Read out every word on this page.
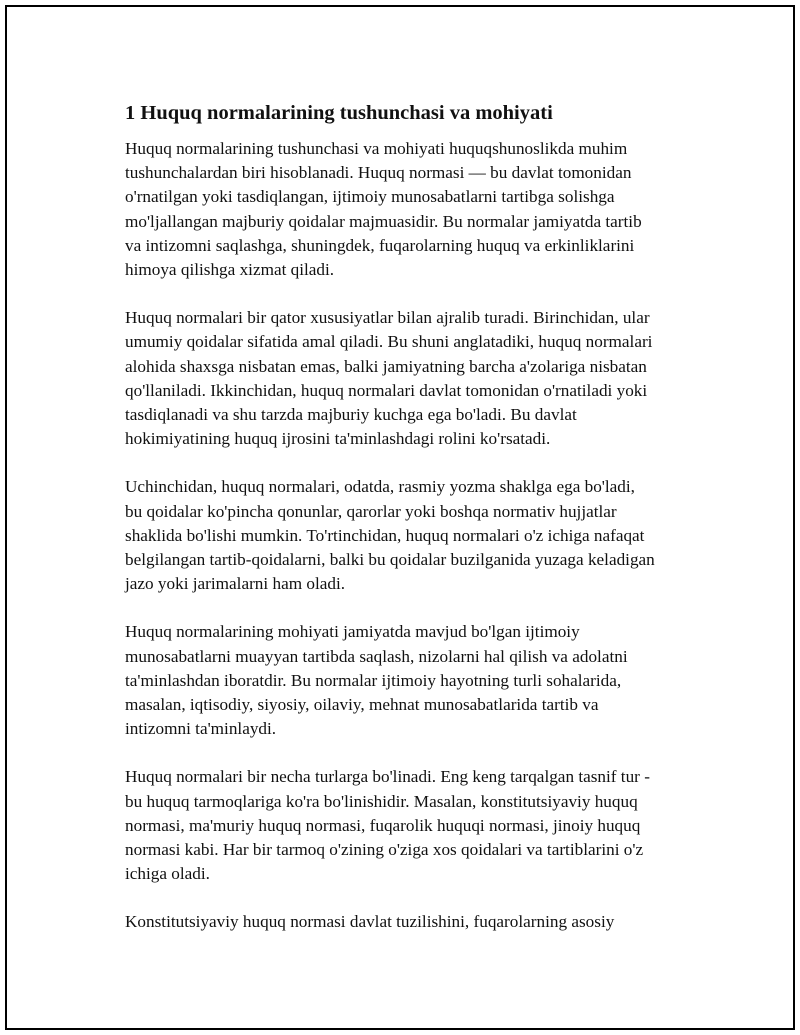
1 Huquq normalarining tushunchasi va mohiyati

Huquq normalarining tushunchasi va mohiyati huquqshunoslikda muhim
tushunchalardan biri hisoblanadi. Huquq normasi — bu davlat tomonidan
o'rnatilgan yoki tasdiqlangan, ijtimoiy munosabatlarni tartibga solishga
mo'ljallangan majburiy qoidalar majmuasidir. Bu normalar jamiyatda tartib
va intizomni saqlashga, shuningdek, fuqarolarning huquq va erkinliklarini
himoya qilishga xizmat qiladi.

Huquq normalari bir qator xususiyatlar bilan ajralib turadi. Birinchidan, ular
umumiy qoidalar sifatida amal qiladi. Bu shuni anglatadiki, huquq normalari
alohida shaxsga nisbatan emas, balki jamiyatning barcha a'zolariga nisbatan
qo'llaniladi. Ikkinchidan, huquq normalari davlat tomonidan o'rnatiladi yoki
tasdiqlanadi va shu tarzda majburiy kuchga ega bo'ladi. Bu davlat
hokimiyatining huquq ijrosini ta'minlashdagi rolini ko'rsatadi.

Uchinchidan, huquq normalari, odatda, rasmiy yozma shaklga ega bo'ladi,
bu qoidalar ko'pincha qonunlar, qarorlar yoki boshqa normativ hujjatlar
shaklida bo'lishi mumkin. To'rtinchidan, huquq normalari o'z ichiga nafaqat
belgilangan tartib-qoidalarni, balki bu qoidalar buzilganida yuzaga keladigan
jazo yoki jarimalarni ham oladi.

Huquq normalarining mohiyati jamiyatda mavjud bo'lgan ijtimoiy
munosabatlarni muayyan tartibda saqlash, nizolarni hal qilish va adolatni
ta'minlashdan iboratdir. Bu normalar ijtimoiy hayotning turli sohalarida,
masalan, iqtisodiy, siyosiy, oilaviy, mehnat munosabatlarida tartib va
intizomni ta'minlaydi.

Huquq normalari bir necha turlarga bo'linadi. Eng keng tarqalgan tasnif tur -
bu huquq tarmoqlariga ko'ra bo'linishidir. Masalan, konstitutsiyaviy huquq
normasi, ma'muriy huquq normasi, fuqarolik huquqi normasi, jinoiy huquq
normasi kabi. Har bir tarmoq o'zining o'ziga xos qoidalari va tartiblarini o'z
ichiga oladi.

Konstitutsiyaviy huquq normasi davlat tuzilishini, fuqarolarning asosiy
